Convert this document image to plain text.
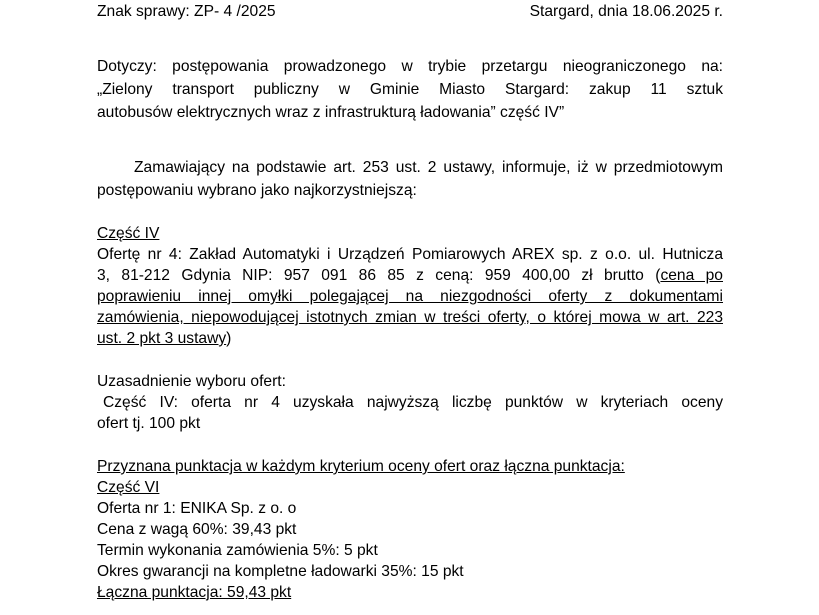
Znak sprawy: ZP- 4 /2025	Stargard, dnia 18.06.2025 r.
Dotyczy: postępowania prowadzonego w trybie przetargu nieograniczonego na:
„Zielony transport publiczny w Gminie Miasto Stargard: zakup 11 sztuk
autobusów elektrycznych wraz z infrastrukturą ładowania” część IV”
Zamawiający na podstawie art. 253 ust. 2 ustawy, informuje, iż w przedmiotowym
postępowaniu wybrano jako najkorzystniejszą:
Część IV
Ofertę nr 4: Zakład Automatyki i Urządzeń Pomiarowych AREX sp. z o.o. ul. Hutnicza
3, 81-212 Gdynia NIP: 957 091 86 85 z ceną: 959 400,00 zł brutto (cena po
poprawieniu innej omyłki polegającej na niezgodności oferty z dokumentami
zamówienia, niepowodującej istotnych zmian w treści oferty, o której mowa w art. 223
ust. 2 pkt 3 ustawy)
Uzasadnienie wyboru ofert:
Część IV: oferta nr 4 uzyskała najwyższą liczbę punktów w kryteriach oceny
ofert tj. 100 pkt
Przyznana punktacja w każdym kryterium oceny ofert oraz łączna punktacja:
Część VI
Oferta nr 1: ENIKA Sp. z o. o
Cena z wagą 60%: 39,43 pkt
Termin wykonania zamówienia 5%: 5 pkt
Okres gwarancji na kompletne ładowarki 35%: 15 pkt
Łączna punktacja: 59,43 pkt
